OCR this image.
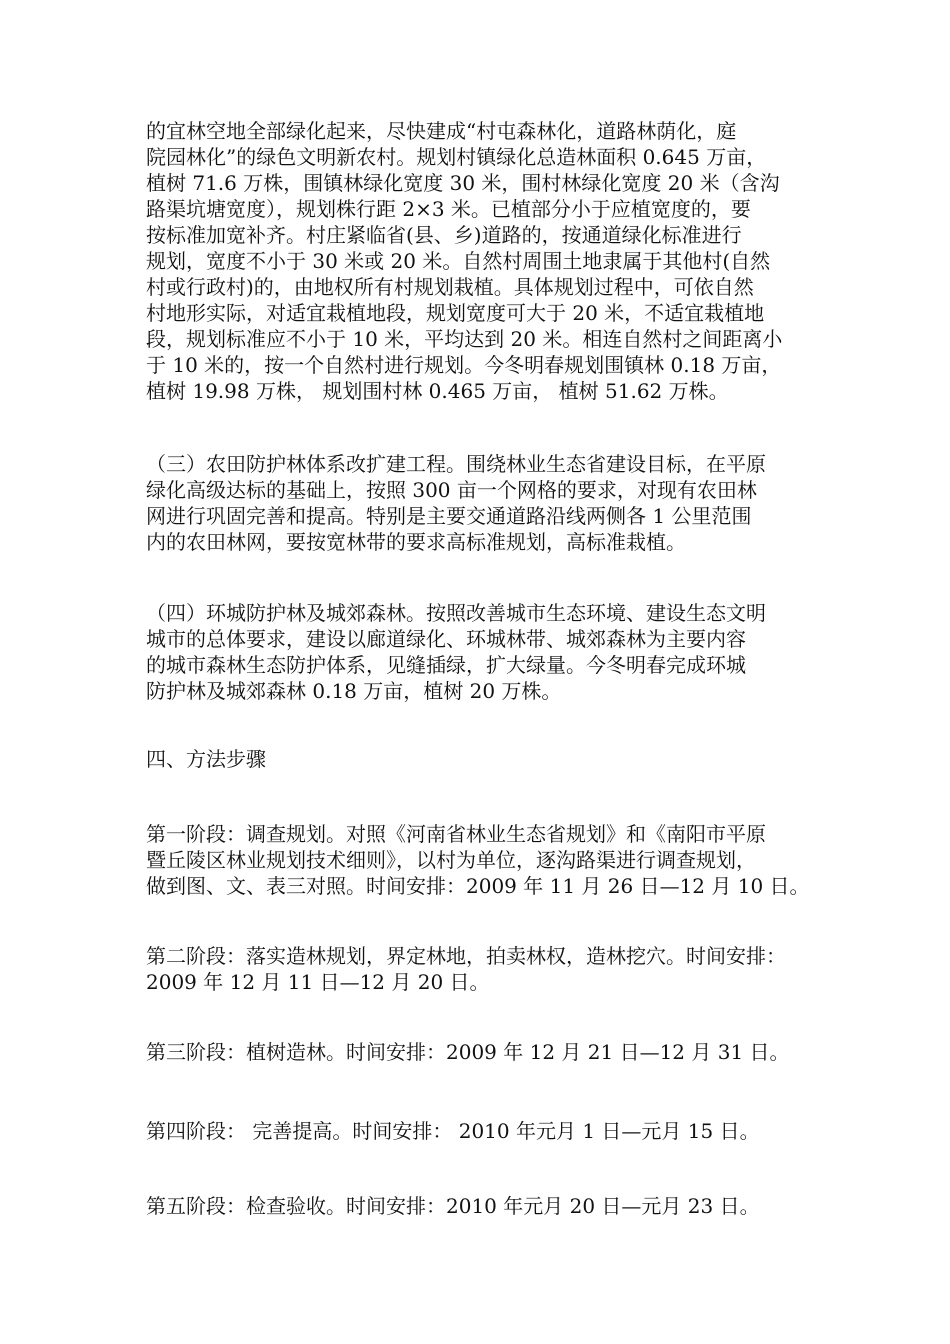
的宜林空地全部绿化起来，尽快建成“村屯森林化，道路林荫化，庭
院园林化”的绿色文明新农村。规划村镇绿化总造林面积 0.645 万亩，
植树 71.6 万株，围镇林绿化宽度 30 米，围村林绿化宽度 20 米（含沟
路渠坑塘宽度），规划株行距 2×3 米。已植部分小于应植宽度的，要
按标准加宽补齐。村庄紧临省(县、乡)道路的，按通道绿化标准进行
规划，宽度不小于 30 米或 20 米。自然村周围土地隶属于其他村(自然
村或行政村)的，由地权所有村规划栽植。具体规划过程中，可依自然
村地形实际，对适宜栽植地段，规划宽度可大于 20 米，不适宜栽植地
段，规划标准应不小于 10 米，平均达到 20 米。相连自然村之间距离小
于 10 米的，按一个自然村进行规划。今冬明春规划围镇林 0.18 万亩，
植树 19.98 万株， 规划围村林 0.465 万亩， 植树 51.62 万株。
（三）农田防护林体系改扩建工程。围绕林业生态省建设目标，在平原
绿化高级达标的基础上，按照 300 亩一个网格的要求，对现有农田林
网进行巩固完善和提高。特别是主要交通道路沿线两侧各 1 公里范围
内的农田林网，要按宽林带的要求高标准规划，高标准栽植。
（四）环城防护林及城郊森林。按照改善城市生态环境、建设生态文明
城市的总体要求，建设以廊道绿化、环城林带、城郊森林为主要内容
的城市森林生态防护体系，见缝插绿，扩大绿量。今冬明春完成环城
防护林及城郊森林 0.18 万亩，植树 20 万株。
四、方法步骤
第一阶段：调查规划。对照《河南省林业生态省规划》和《南阳市平原
暨丘陵区林业规划技术细则》，以村为单位，逐沟路渠进行调查规划，
做到图、文、表三对照。时间安排：2009 年 11 月 26 日—12 月 10 日。
第二阶段：落实造林规划，界定林地，拍卖林权，造林挖穴。时间安排：
2009 年 12 月 11 日—12 月 20 日。
第三阶段：植树造林。时间安排：2009 年 12 月 21 日—12 月 31 日。
第四阶段： 完善提高。时间安排： 2010 年元月 1 日—元月 15 日。
第五阶段：检查验收。时间安排：2010 年元月 20 日—元月 23 日。
